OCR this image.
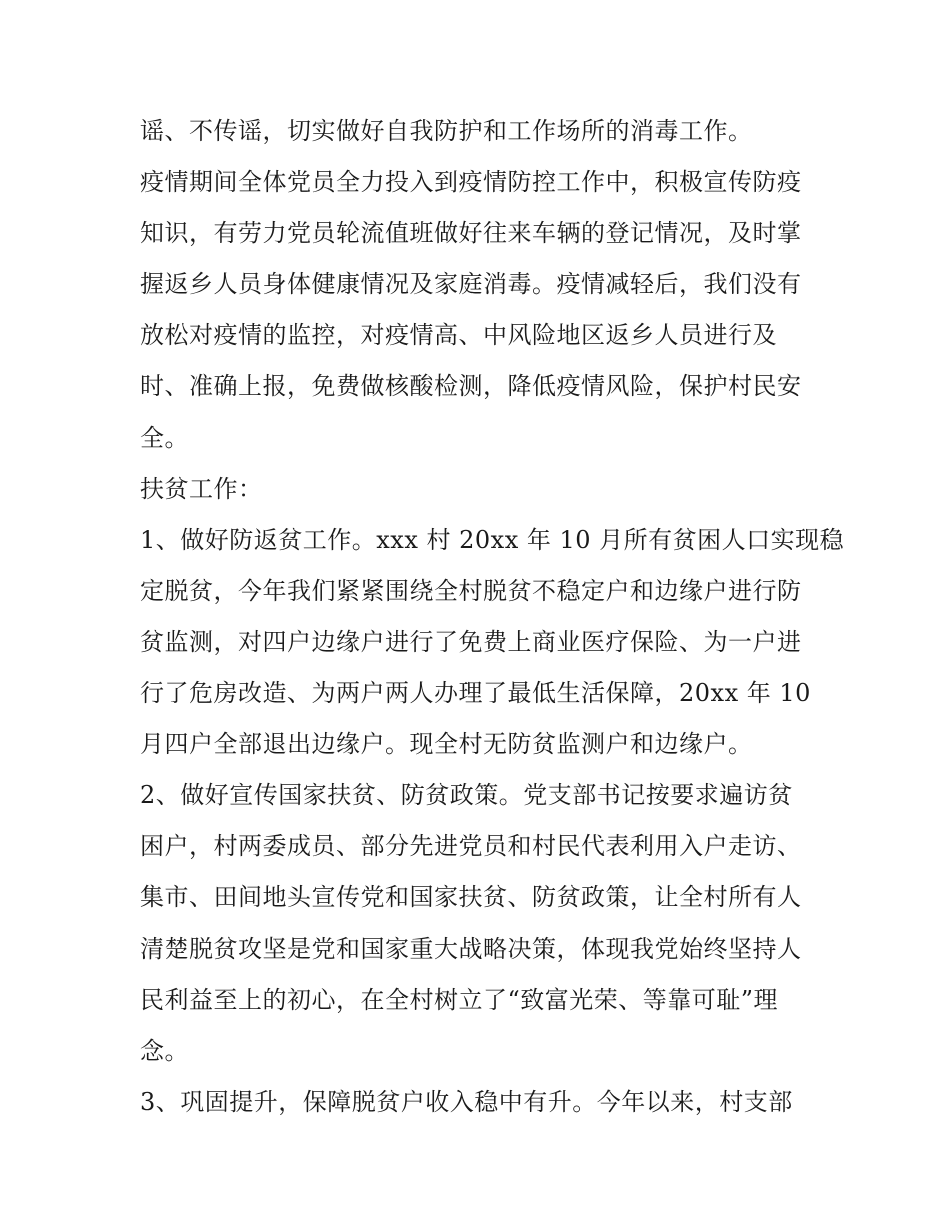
谣、不传谣，切实做好自我防护和工作场所的消毒工作。
疫情期间全体党员全力投入到疫情防控工作中，积极宣传防疫
知识，有劳力党员轮流值班做好往来车辆的登记情况，及时掌
握返乡人员身体健康情况及家庭消毒。疫情减轻后，我们没有
放松对疫情的监控，对疫情高、中风险地区返乡人员进行及
时、准确上报，免费做核酸检测，降低疫情风险，保护村民安
全。
扶贫工作：
1、做好防返贫工作。xxx 村 20xx 年 10 月所有贫困人口实现稳
定脱贫，今年我们紧紧围绕全村脱贫不稳定户和边缘户进行防
贫监测，对四户边缘户进行了免费上商业医疗保险、为一户进
行了危房改造、为两户两人办理了最低生活保障，20xx 年 10
月四户全部退出边缘户。现全村无防贫监测户和边缘户。
2、做好宣传国家扶贫、防贫政策。党支部书记按要求遍访贫
困户，村两委成员、部分先进党员和村民代表利用入户走访、
集市、田间地头宣传党和国家扶贫、防贫政策，让全村所有人
清楚脱贫攻坚是党和国家重大战略决策，体现我党始终坚持人
民利益至上的初心，在全村树立了“致富光荣、等靠可耻”理
念。
3、巩固提升，保障脱贫户收入稳中有升。今年以来，村支部
